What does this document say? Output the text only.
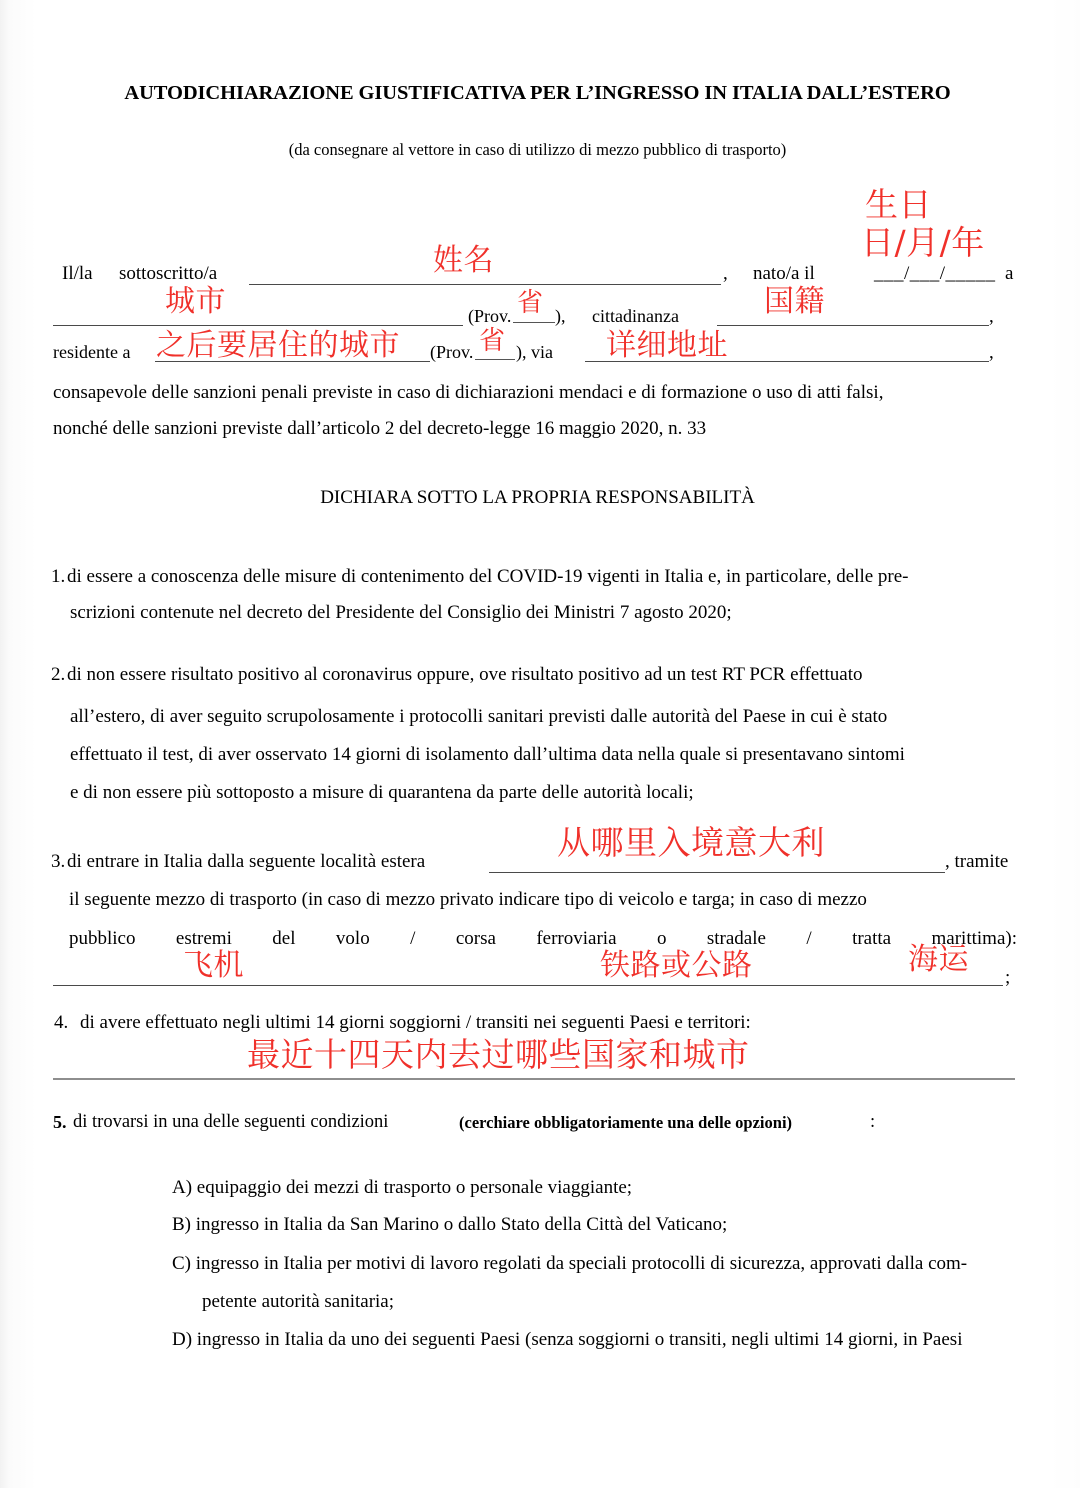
AUTODICHIARAZIONE GIUSTIFICATIVA PER L’INGRESSO IN ITALIA DALL’ESTERO
(da consegnare al vettore in caso di utilizzo di mezzo pubblico di trasporto)
生日
日/月/年
Il/la sottoscritto/a	姓名	, nato/a il	___/___/_____ a
城市	(Prov. 省 ), cittadinanza	国籍	,
residente a 之后要居住的城市 (Prov. 省 ), via 详细地址	,
consapevole delle sanzioni penali previste in caso di dichiarazioni mendaci e di formazione o uso di atti falsi,
nonché delle sanzioni previste dall’articolo 2 del decreto-legge 16 maggio 2020, n. 33
DICHIARA SOTTO LA PROPRIA RESPONSABILITÀ
1. di essere a conoscenza delle misure di contenimento del COVID-19 vigenti in Italia e, in particolare, delle pre-
scrizioni contenute nel decreto del Presidente del Consiglio dei Ministri 7 agosto 2020;
2. di non essere risultato positivo al coronavirus oppure, ove risultato positivo ad un test RT PCR effettuato
all’estero, di aver seguito scrupolosamente i protocolli sanitari previsti dalle autorità del Paese in cui è stato
effettuato il test, di aver osservato 14 giorni di isolamento dall’ultima data nella quale si presentavano sintomi
e di non essere più sottoposto a misure di quarantena da parte delle autorità locali;
3. di entrare in Italia dalla seguente località estera	从哪里入境意大利	, tramite
il seguente mezzo di trasporto (in caso di mezzo privato indicare tipo di veicolo e targa; in caso di mezzo
pubblico estremi del volo / corsa ferroviaria o stradale / tratta marittima):
飞机	铁路或公路	海运
;
4. di avere effettuato negli ultimi 14 giorni soggiorni / transiti nei seguenti Paesi e territori:
最近十四天内去过哪些国家和城市
5. di trovarsi in una delle seguenti condizioni	(cerchiare obbligatoriamente una delle opzioni)	:
A) equipaggio dei mezzi di trasporto o personale viaggiante;
B) ingresso in Italia da San Marino o dallo Stato della Città del Vaticano;
C) ingresso in Italia per motivi di lavoro regolati da speciali protocolli di sicurezza, approvati dalla com-
petente autorità sanitaria;
D) ingresso in Italia da uno dei seguenti Paesi (senza soggiorni o transiti, negli ultimi 14 giorni, in Paesi
